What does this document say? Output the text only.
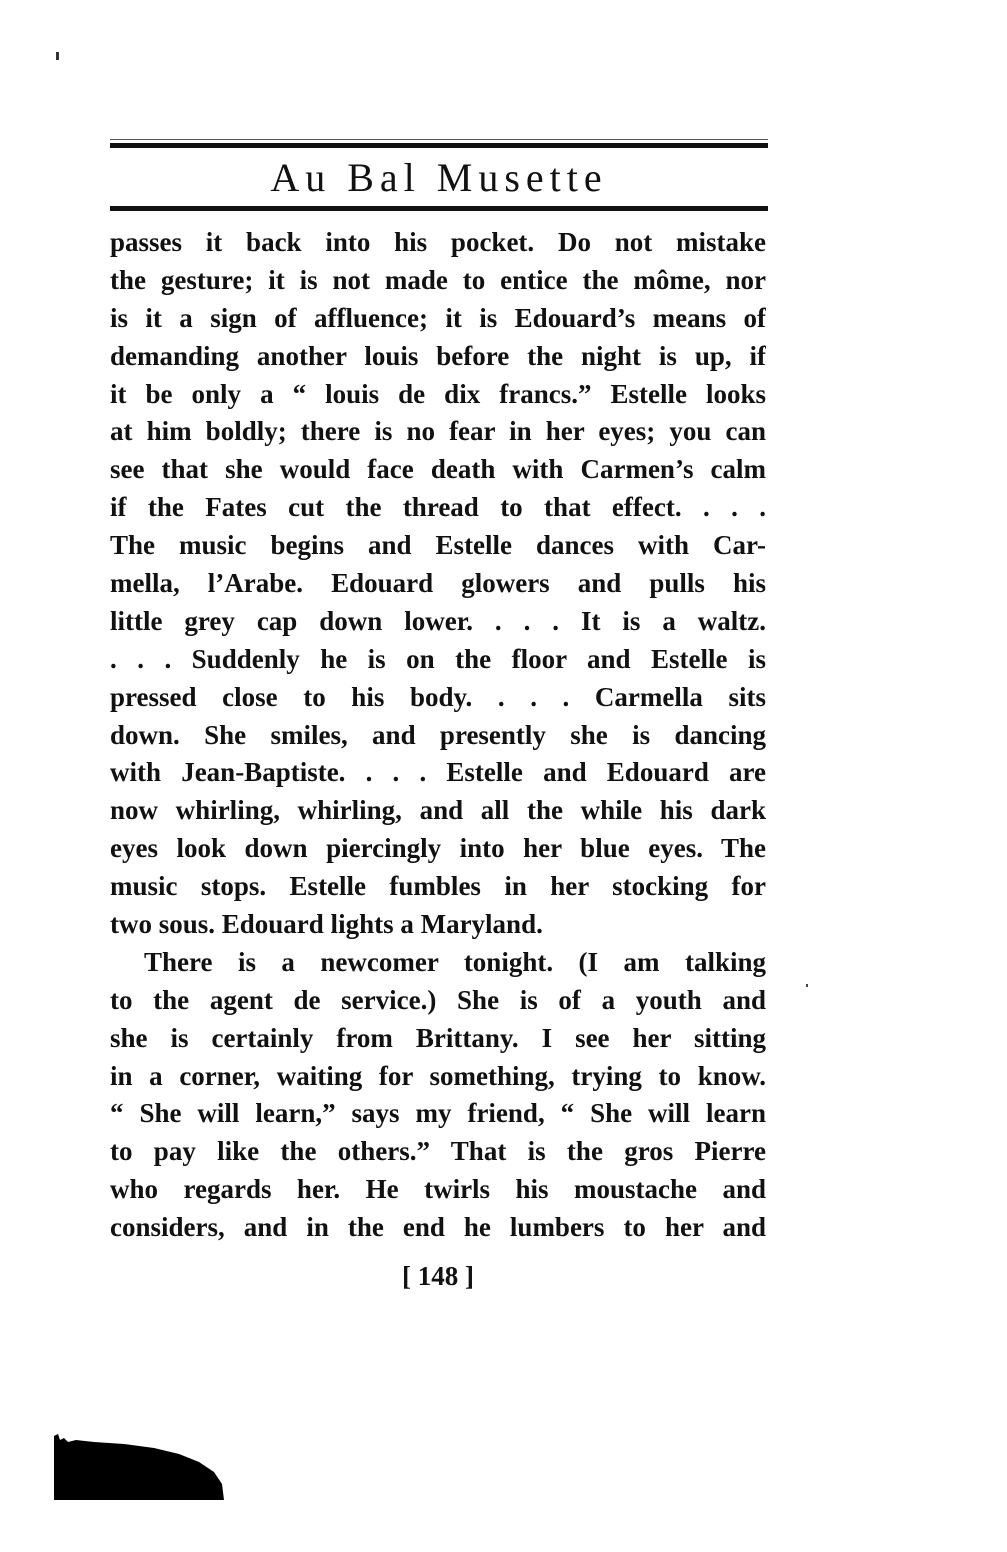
Au Bal Musette
passes it back into his pocket. Do not mistake
the gesture; it is not made to entice the môme, nor
is it a sign of affluence; it is Edouard’s means of
demanding another louis before the night is up, if
it be only a “ louis de dix francs.” Estelle looks
at him boldly; there is no fear in her eyes; you can
see that she would face death with Carmen’s calm
if the Fates cut the thread to that effect. . . .
The music begins and Estelle dances with Car-
mella, l’Arabe. Edouard glowers and pulls his
little grey cap down lower. . . . It is a waltz.
. . . Suddenly he is on the floor and Estelle is
pressed close to his body. . . . Carmella sits
down. She smiles, and presently she is dancing
with Jean-Baptiste. . . . Estelle and Edouard are
now whirling, whirling, and all the while his dark
eyes look down piercingly into her blue eyes. The
music stops. Estelle fumbles in her stocking for
two sous. Edouard lights a Maryland.
There is a newcomer tonight. (I am talking
to the agent de service.) She is of a youth and
she is certainly from Brittany. I see her sitting
in a corner, waiting for something, trying to know.
“ She will learn,” says my friend, “ She will learn
to pay like the others.” That is the gros Pierre
who regards her. He twirls his moustache and
considers, and in the end he lumbers to her and
[ 148 ]
